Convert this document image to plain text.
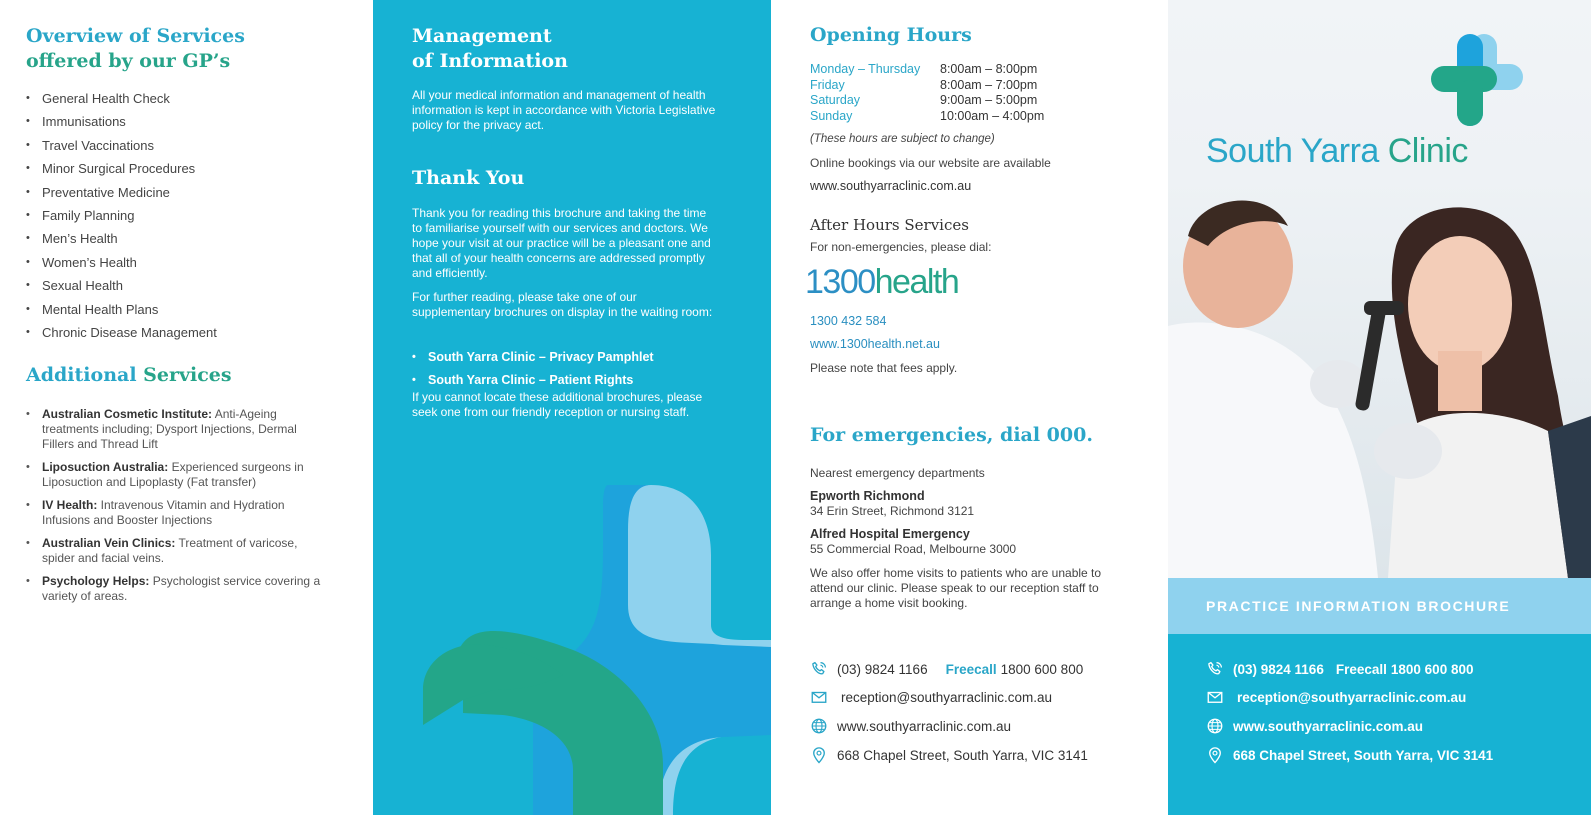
Overview of Services
offered by our GP’s
• General Health Check
• Immunisations
• Travel Vaccinations
• Minor Surgical Procedures
• Preventative Medicine
• Family Planning
• Men’s Health
• Women’s Health
• Sexual Health
• Mental Health Plans
• Chronic Disease Management
Additional Services
• Australian Cosmetic Institute: Anti-Ageing treatments including; Dysport Injections, Dermal Fillers and Thread Lift
• Liposuction Australia: Experienced surgeons in Liposuction and Lipoplasty (Fat transfer)
• IV Health: Intravenous Vitamin and Hydration Infusions and Booster Injections
• Australian Vein Clinics: Treatment of varicose, spider and facial veins.
• Psychology Helps: Psychologist service covering a variety of areas.
Management
of Information

All your medical information and management of health information is kept in accordance with Victoria Legislative policy for the privacy act.

Thank You

Thank you for reading this brochure and taking the time to familiarise yourself with our services and doctors. We hope your visit at our practice will be a pleasant one and that all of your health concerns are addressed promptly and efficiently.

For further reading, please take one of our supplementary brochures on display in the waiting room:

• South Yarra Clinic – Privacy Pamphlet
• South Yarra Clinic – Patient Rights

If you cannot locate these additional brochures, please seek one from our friendly reception or nursing staff.

Opening Hours
Monday – Thursday	8:00am – 8:00pm
Friday	8:00am – 7:00pm
Saturday	9:00am – 5:00pm
Sunday	10:00am – 4:00pm

(These hours are subject to change)

Online bookings via our website are available

www.southyarraclinic.com.au

After Hours Services

For non-emergencies, please dial:

1300health

1300 432 584

www.1300health.net.au

Please note that fees apply.

For emergencies, dial 000.

Nearest emergency departments

Epworth Richmond
34 Erin Street, Richmond 3121
Alfred Hospital Emergency
55 Commercial Road, Melbourne 3000

We also offer home visits to patients who are unable to attend our clinic. Please speak to our reception staff to arrange a home visit booking.

(03) 9824 1166 Freecall 1800 600 800
reception@southyarraclinic.com.au
www.southyarraclinic.com.au
668 Chapel Street, South Yarra, VIC 3141
South Yarra Clinic
PRACTICE INFORMATION BROCHURE
(03) 9824 1166 Freecall 1800 600 800
reception@southyarraclinic.com.au
www.southyarraclinic.com.au
668 Chapel Street, South Yarra, VIC 3141
